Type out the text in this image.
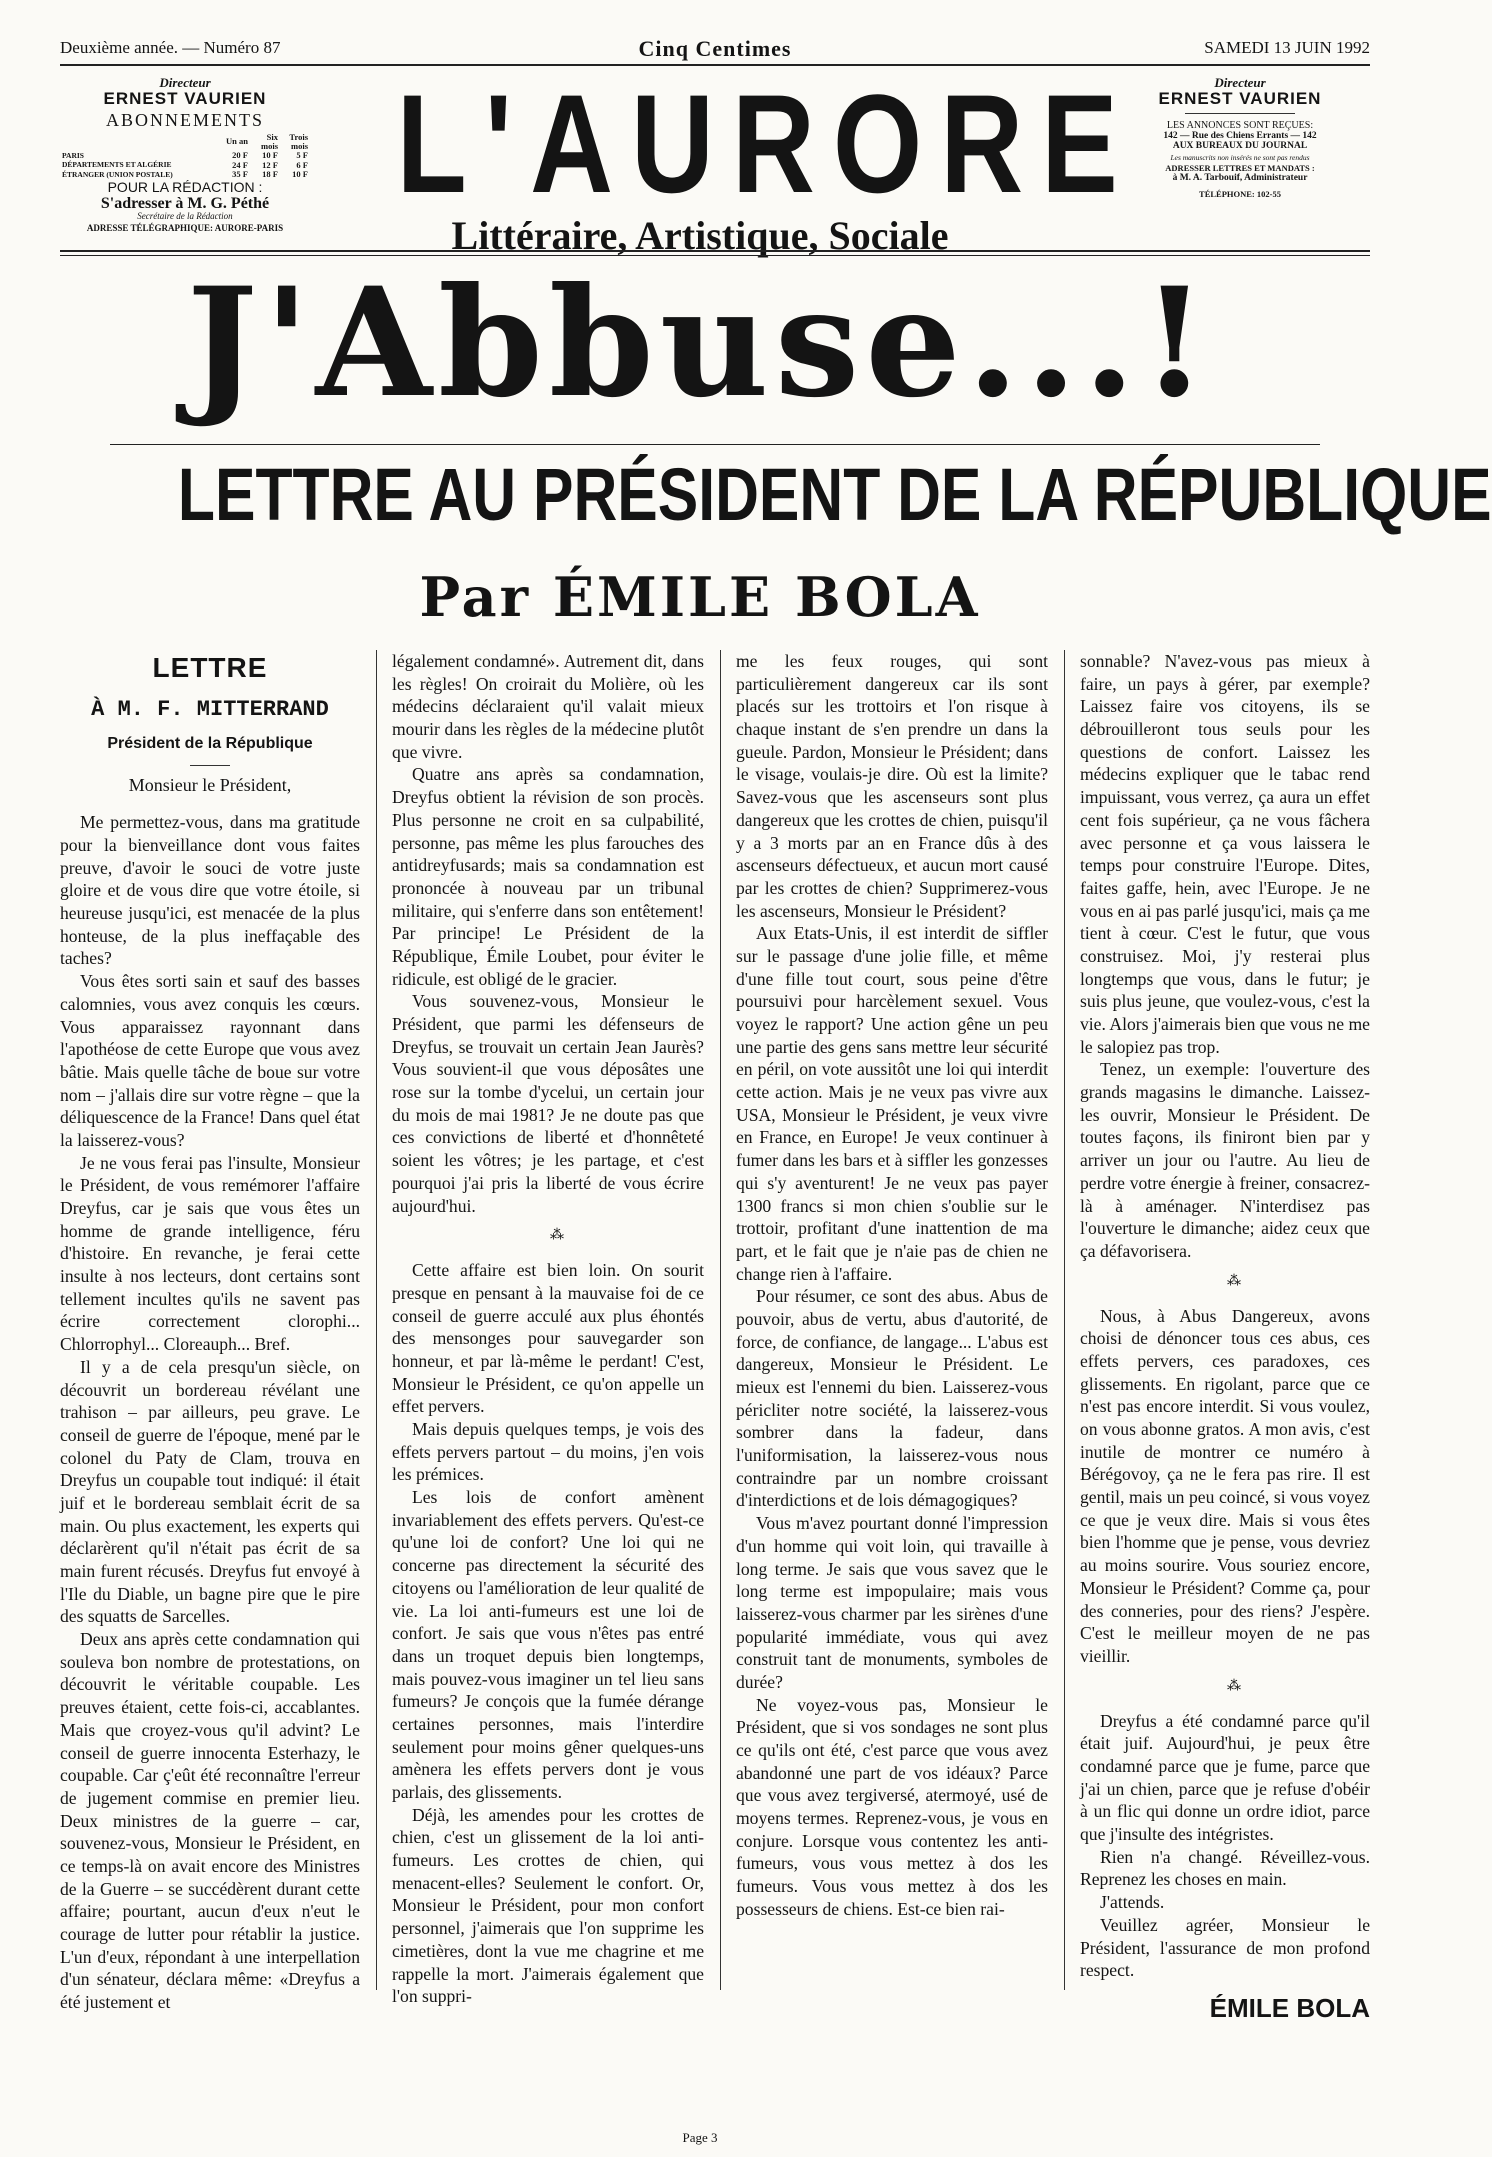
Deuxième année. — Numéro 87	Cinq Centimes	SAMEDI 13 JUIN 1992
Directeur
ERNEST VAURIEN
ABONNEMENTS
	Un an	Six mois	Trois mois
PARIS	20 F	10 F	5 F
DÉPARTEMENTS ET ALGÉRIE	24 F	12 F	6 F
ÉTRANGER (UNION POSTALE)	35 F	18 F	10 F
POUR LA RÉDACTION :
S'adresser à M. G. Péthé
Secrétaire de la Rédaction
ADRESSE TÉLÉGRAPHIQUE: AURORE-PARIS
L'AURORE
Littéraire, Artistique, Sociale
Directeur
ERNEST VAURIEN
LES ANNONCES SONT REÇUES:
142 — Rue des Chiens Errants — 142
AUX BUREAUX DU JOURNAL
Les manuscrits non insérés ne sont pas rendus
ADRESSER LETTRES ET MANDATS :
à M. A. Tarbouif, Administrateur
TÉLÉPHONE: 102-55
J'Abbuse...!
LETTRE AU PRÉSIDENT DE LA RÉPUBLIQUE
Par ÉMILE BOLA
LETTRE
À M. F. MITTERRAND
Président de la République

Monsieur le Président,

Me permettez-vous, dans ma gratitude pour la bienveillance dont vous faites preuve, d'avoir le souci de votre juste gloire et de vous dire que votre étoile, si heureuse jusqu'ici, est menacée de la plus honteuse, de la plus ineffaçable des taches?

Vous êtes sorti sain et sauf des basses calomnies, vous avez conquis les cœurs. Vous apparaissez rayonnant dans l'apothéose de cette Europe que vous avez bâtie. Mais quelle tâche de boue sur votre nom – j'allais dire sur votre règne – que la déliquescence de la France! Dans quel état la laisserez-vous?

Je ne vous ferai pas l'insulte, Monsieur le Président, de vous remémorer l'affaire Dreyfus, car je sais que vous êtes un homme de grande intelligence, féru d'histoire. En revanche, je ferai cette insulte à nos lecteurs, dont certains sont tellement incultes qu'ils ne savent pas écrire correctement clorophi... Chlorrophyl... Cloreauph... Bref.

Il y a de cela presqu'un siècle, on découvrit un bordereau révélant une trahison – par ailleurs, peu grave. Le conseil de guerre de l'époque, mené par le colonel du Paty de Clam, trouva en Dreyfus un coupable tout indiqué: il était juif et le bordereau semblait écrit de sa main. Ou plus exactement, les experts qui déclarèrent qu'il n'était pas écrit de sa main furent récusés. Dreyfus fut envoyé à l'Ile du Diable, un bagne pire que le pire des squatts de Sarcelles.

Deux ans après cette condamnation qui souleva bon nombre de protestations, on découvrit le véritable coupable. Les preuves étaient, cette fois-ci, accablantes. Mais que croyez-vous qu'il advint? Le conseil de guerre innocenta Esterhazy, le coupable. Car ç'eût été reconnaître l'erreur de jugement commise en premier lieu. Deux ministres de la guerre – car, souvenez-vous, Monsieur le Président, en ce temps-là on avait encore des Ministres de la Guerre – se succédèrent durant cette affaire; pourtant, aucun d'eux n'eut le courage de lutter pour rétablir la justice. L'un d'eux, répondant à une interpellation d'un sénateur, déclara même: «Dreyfus a été justement et

légalement condamné». Autrement dit, dans les règles! On croirait du Molière, où les médecins déclaraient qu'il valait mieux mourir dans les règles de la médecine plutôt que vivre.

Quatre ans après sa condamnation, Dreyfus obtient la révision de son procès. Plus personne ne croit en sa culpabilité, personne, pas même les plus farouches des antidreyfusards; mais sa condamnation est prononcée à nouveau par un tribunal militaire, qui s'enferre dans son entêtement! Par principe! Le Président de la République, Émile Loubet, pour éviter le ridicule, est obligé de le gracier.

Vous souvenez-vous, Monsieur le Président, que parmi les défenseurs de Dreyfus, se trouvait un certain Jean Jaurès? Vous souvient-il que vous déposâtes une rose sur la tombe d'ycelui, un certain jour du mois de mai 1981? Je ne doute pas que ces convictions de liberté et d'honnêteté soient les vôtres; je les partage, et c'est pourquoi j'ai pris la liberté de vous écrire aujourd'hui.

⁂

Cette affaire est bien loin. On sourit presque en pensant à la mauvaise foi de ce conseil de guerre acculé aux plus éhontés des mensonges pour sauvegarder son honneur, et par là-même le perdant! C'est, Monsieur le Président, ce qu'on appelle un effet pervers.

Mais depuis quelques temps, je vois des effets pervers partout – du moins, j'en vois les prémices.

Les lois de confort amènent invariablement des effets pervers. Qu'est-ce qu'une loi de confort? Une loi qui ne concerne pas directement la sécurité des citoyens ou l'amélioration de leur qualité de vie. La loi anti-fumeurs est une loi de confort. Je sais que vous n'êtes pas entré dans un troquet depuis bien longtemps, mais pouvez-vous imaginer un tel lieu sans fumeurs? Je conçois que la fumée dérange certaines personnes, mais l'interdire seulement pour moins gêner quelques-uns amènera les effets pervers dont je vous parlais, des glissements.

Déjà, les amendes pour les crottes de chien, c'est un glissement de la loi anti-fumeurs. Les crottes de chien, qui menacent-elles? Seulement le confort. Or, Monsieur le Président, pour mon confort personnel, j'aimerais que l'on supprime les cimetières, dont la vue me chagrine et me rappelle la mort. J'aimerais également que l'on suppri-

me les feux rouges, qui sont particulièrement dangereux car ils sont placés sur les trottoirs et l'on risque à chaque instant de s'en prendre un dans la gueule. Pardon, Monsieur le Président; dans le visage, voulais-je dire. Où est la limite? Savez-vous que les ascenseurs sont plus dangereux que les crottes de chien, puisqu'il y a 3 morts par an en France dûs à des ascenseurs défectueux, et aucun mort causé par les crottes de chien? Supprimerez-vous les ascenseurs, Monsieur le Président?

Aux Etats-Unis, il est interdit de siffler sur le passage d'une jolie fille, et même d'une fille tout court, sous peine d'être poursuivi pour harcèlement sexuel. Vous voyez le rapport? Une action gêne un peu une partie des gens sans mettre leur sécurité en péril, on vote aussitôt une loi qui interdit cette action. Mais je ne veux pas vivre aux USA, Monsieur le Président, je veux vivre en France, en Europe! Je veux continuer à fumer dans les bars et à siffler les gonzesses qui s'y aventurent! Je ne veux pas payer 1300 francs si mon chien s'oublie sur le trottoir, profitant d'une inattention de ma part, et le fait que je n'aie pas de chien ne change rien à l'affaire.

Pour résumer, ce sont des abus. Abus de pouvoir, abus de vertu, abus d'autorité, de force, de confiance, de langage... L'abus est dangereux, Monsieur le Président. Le mieux est l'ennemi du bien. Laisserez-vous péricliter notre société, la laisserez-vous sombrer dans la fadeur, dans l'uniformisation, la laisserez-vous nous contraindre par un nombre croissant d'interdictions et de lois démagogiques?

Vous m'avez pourtant donné l'impression d'un homme qui voit loin, qui travaille à long terme. Je sais que vous savez que le long terme est impopulaire; mais vous laisserez-vous charmer par les sirènes d'une popularité immédiate, vous qui avez construit tant de monuments, symboles de durée?

Ne voyez-vous pas, Monsieur le Président, que si vos sondages ne sont plus ce qu'ils ont été, c'est parce que vous avez abandonné une part de vos idéaux? Parce que vous avez tergiversé, atermoyé, usé de moyens termes. Reprenez-vous, je vous en conjure. Lorsque vous contentez les anti-fumeurs, vous vous mettez à dos les fumeurs. Vous vous mettez à dos les possesseurs de chiens. Est-ce bien rai-

sonnable? N'avez-vous pas mieux à faire, un pays à gérer, par exemple? Laissez faire vos citoyens, ils se débrouilleront tous seuls pour les questions de confort. Laissez les médecins expliquer que le tabac rend impuissant, vous verrez, ça aura un effet cent fois supérieur, ça ne vous fâchera avec personne et ça vous laissera le temps pour construire l'Europe. Dites, faites gaffe, hein, avec l'Europe. Je ne vous en ai pas parlé jusqu'ici, mais ça me tient à cœur. C'est le futur, que vous construisez. Moi, j'y resterai plus longtemps que vous, dans le futur; je suis plus jeune, que voulez-vous, c'est la vie. Alors j'aimerais bien que vous ne me le salopiez pas trop.

Tenez, un exemple: l'ouverture des grands magasins le dimanche. Laissez-les ouvrir, Monsieur le Président. De toutes façons, ils finiront bien par y arriver un jour ou l'autre. Au lieu de perdre votre énergie à freiner, consacrez-là à aménager. N'interdisez pas l'ouverture le dimanche; aidez ceux que ça défavorisera.

⁂

Nous, à Abus Dangereux, avons choisi de dénoncer tous ces abus, ces effets pervers, ces paradoxes, ces glissements. En rigolant, parce que ce n'est pas encore interdit. Si vous voulez, on vous abonne gratos. A mon avis, c'est inutile de montrer ce numéro à Bérégovoy, ça ne le fera pas rire. Il est gentil, mais un peu coincé, si vous voyez ce que je veux dire. Mais si vous êtes bien l'homme que je pense, vous devriez au moins sourire. Vous souriez encore, Monsieur le Président? Comme ça, pour des conneries, pour des riens? J'espère. C'est le meilleur moyen de ne pas vieillir.

⁂

Dreyfus a été condamné parce qu'il était juif. Aujourd'hui, je peux être condamné parce que je fume, parce que j'ai un chien, parce que je refuse d'obéir à un flic qui donne un ordre idiot, parce que j'insulte des intégristes.

Rien n'a changé. Réveillez-vous. Reprenez les choses en main.

J'attends.

Veuillez agréer, Monsieur le Président, l'assurance de mon profond respect.

ÉMILE BOLA

Page 3
